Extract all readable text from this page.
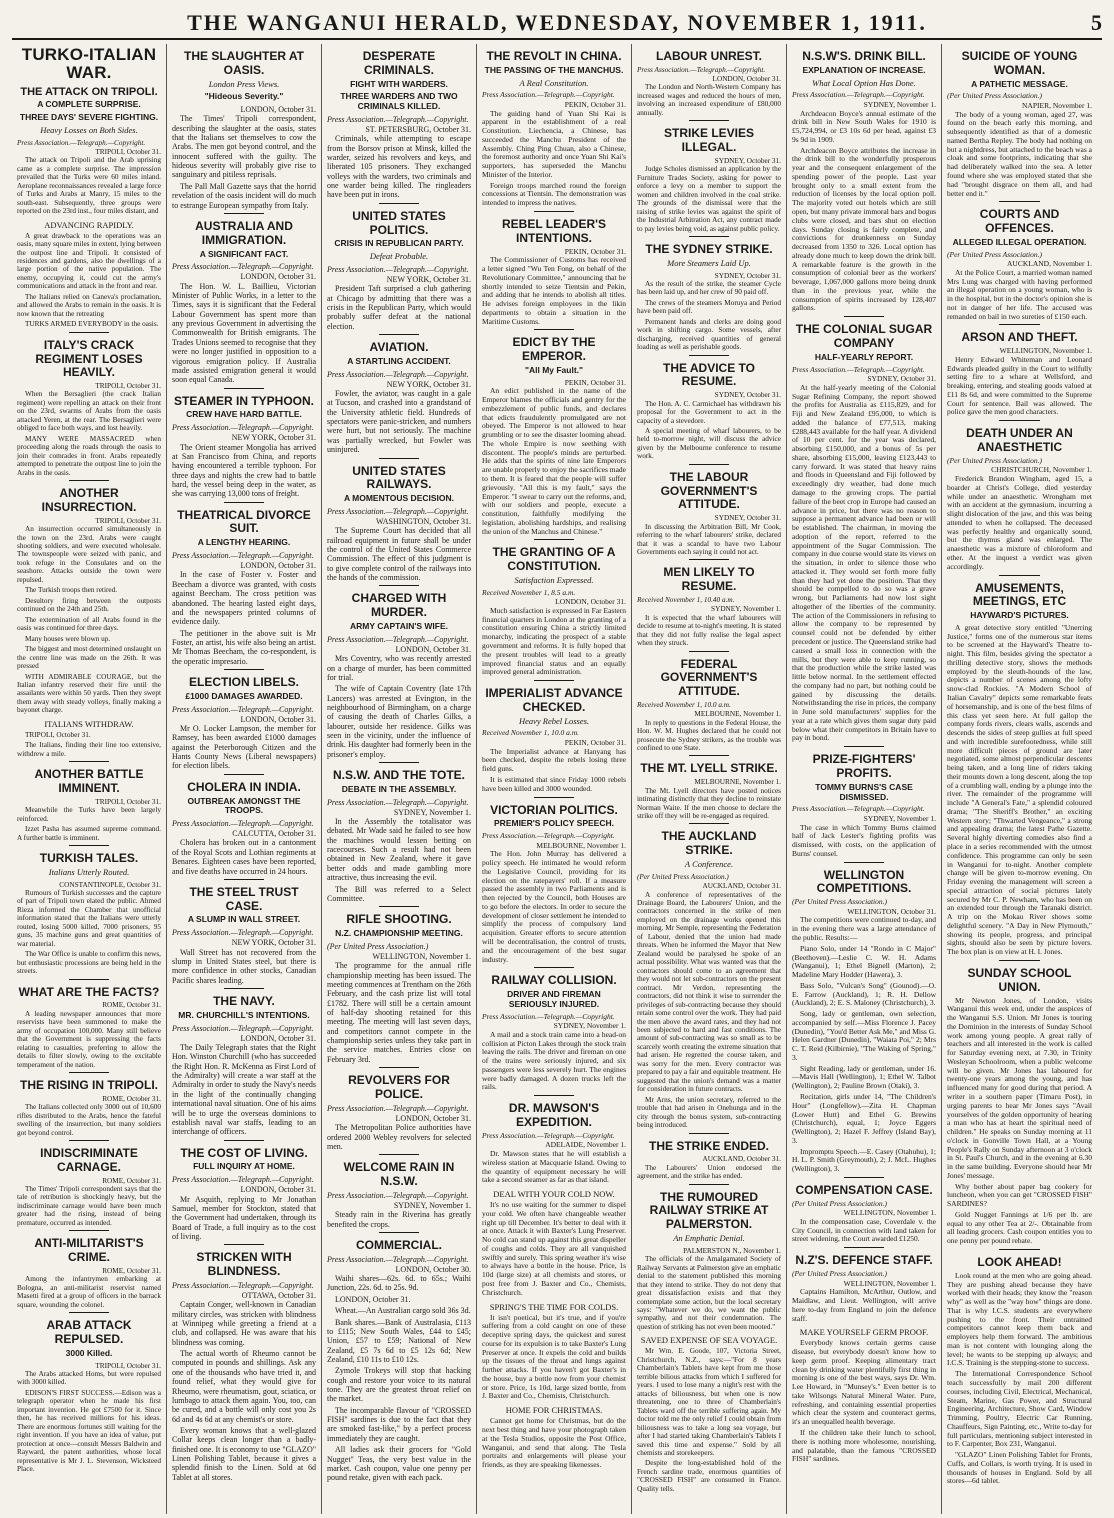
THE WANGANUI HERALD, WEDNESDAY, NOVEMBER 1, 1911.	5
TURKO-ITALIAN WAR.
THE ATTACK ON TRIPOLI.
A COMPLETE SURPRISE.
THREE DAYS' SEVERE FIGHTING.
Heavy Losses on Both Sides.
Press Association.—Telegraph.—Copyright.
TRIPOLI, October 31.

The attack on Tripoli and the Arab uprising came as a complete surprise. The impression prevailed that the Turks were 60 miles inland. Aeroplane reconnaissances revealed a large force of Turks and Arabs at Manry, 15 miles to the south-east. Subsequently, three groups were reported on the 23rd inst., four miles distant, and

ADVANCING RAPIDLY.

A great drawback to the operations was an oasis, many square miles in extent, lying between the outpost line and Tripoli. It consisted of residences and gardens, also the dwellings of a large portion of the native population. The enemy, occupying it, could cut the army's communications and attack in the front and rear.

The Italians relied on Caneva's proclamation, and allowed the Arabs to remain in the oasis. It is now known that the retreating

TURKS ARMED EVERYBODY in the oasis.

ITALY'S CRACK REGIMENT LOSES HEAVILY.
TRIPOLI, October 31.

When the Bersaglieri (the crack Italian regiment) were repelling an attack on their front on the 23rd, swarms of Arabs from the oasis attacked Yeren, at the rear. The Bersaglieri were obliged to face both ways, and lost heavily.

MANY WERE MASSACRED when proceeding along the roads through the oasis to join their comrades in front. Arabs repeatedly attempted to penetrate the outpost line to join the Arabs in the oasis.

ANOTHER INSURRECTION.
TRIPOLI, October 31.

An insurrection occurred simultaneously in the town on the 23rd. Arabs were caught shooting soldiers, and were executed wholesale. The townspeople were seized with panic, and took refuge in the Consulates and on the seashore. Attacks outside the town were repulsed.

The Turkish troops then retired.

Desultory firing between the outposts continued on the 24th and 25th.

The extermination of all Arabs found in the oasis was continued for three days.

Many houses were blown up.

The biggest and most determined onslaught on the centre line was made on the 26th. It was pressed

WITH ADMIRABLE COURAGE, but the Italian infantry reserved their fire until the assailants were within 50 yards. Then they swept them away with steady volleys, finally making a bayonet charge.

ITALIANS WITHDRAW.

TRIPOLI, October 31.

The Italians, finding their line too extensive, withdrew a mile.

ANOTHER BATTLE IMMINENT.
TRIPOLI, October 31.

Meanwhile the Turks have been largely reinforced.

Izzet Pasha has assumed supreme command. A further battle is imminent.

TURKISH TALES.
Italians Utterly Routed.
CONSTANTINOPLE, October 31.

Rumours of Turkish successes and the capture of part of Tripoli town elated the public. Ahmed Rieza informed the Chamber that unofficial information stated that the Italians were utterly routed, losing 5000 killed, 7000 prisoners, 95 guns, 35 machine guns and great quantities of war material.

The War Office is unable to confirm this news, but enthusiastic processions are being held in the streets.

WHAT ARE THE FACTS?
ROME, October 31.

A leading newspaper announces that more reservists have been summoned to make the army of occupation 100,000. Many still believe that the Government is suppressing the facts relating to casualties, preferring to allow the details to filter slowly, owing to the excitable temperament of the nation.

THE RISING IN TRIPOLI.
ROME, October 31.

The Italians collected only 3000 out of 10,600 rifles distributed to the Arabs, hence the fateful swelling of the insurrection, but many soldiers got beyond control.

INDISCRIMINATE CARNAGE.
ROME, October 31.

The Times' Tripoli correspondent says that the tale of retribution is shockingly heavy, but the indiscriminate carnage would have been much greater had the rising, instead of being premature, occurred as intended.

ANTI-MILITARIST'S CRIME.
ROME, October 31.

Among the infantrymen embarking at Bologna, an anti-militarist reservist named Masetti fired at a group of officers in the barrack square, wounding the colonel.

ARAB ATTACK REPULSED.
3000 Killed.
TRIPOLI, October 31.

The Arabs attacked Homs, but were repulsed with 3000 killed.

EDISON'S FIRST SUCCESS.—Edison was a telegraph operator when he made his first important invention. He got £7500 for it. Since then, he has received millions for his ideas. There are enormous fortunes still waiting for the right invention. If you have an idea of value, put protection at once—consult Messrs Baldwin and Rayward, the patent authorities, whose local representative is Mr J. L. Stevenson, Wicksteed Place.

THE SLAUGHTER AT OASIS.
London Press Views.
"Hideous Severity."
LONDON, October 31.

The Times' Tripoli correspondent, describing the slaughter at the oasis, states that the Italians set themselves to cow the Arabs. The men got beyond control, and the innocent suffered with the guilty. The hideous severity will probably give rise to sanguinary and pitiless reprisals.

The Pall Mall Gazette says that the horrid revelation of the oasis incident will do much to estrange European sympathy from Italy.

AUSTRALIA AND IMMIGRATION.
A SIGNIFICANT FACT.
Press Association.—Telegraph.—Copyright.
LONDON, October 31.

The Hon. W. L. Baillieu, Victorian Minister of Public Works, in a letter to the Times, says it is significant that the Federal Labour Government has spent more than any previous Government in advertising the Commonwealth for British emigrants. The Trades Unions seemed to recognise that they were no longer justified in opposition to a vigorous emigration policy. If Australia made assisted emigration general it would soon equal Canada.

STEAMER IN TYPHOON.
CREW HAVE HARD BATTLE.
Press Association.—Telegraph.—Copyright.
NEW YORK, October 31.

The Orient steamer Mongolia has arrived at San Francisco from China, and reports having encountered a terrible typhoon. For three days and nights the crew had to battle hard, the vessel being deep in the water, as she was carrying 13,000 tons of freight.

THEATRICAL DIVORCE SUIT.
A LENGTHY HEARING.
Press Association.—Telegraph.—Copyright.
LONDON, October 31.

In the case of Foster v. Foster and Beecham a divorce was granted, with costs against Beecham. The cross petition was abandoned. The hearing lasted eight days, and the newspapers printed columns of evidence daily.

The petitioner in the above suit is Mr Foster, an artist, his wife also being an artist. Mr Thomas Beecham, the co-respondent, is the operatic impresario.

ELECTION LIBELS.
£1000 DAMAGES AWARDED.
Press Association.—Telegraph.—Copyright.
LONDON, October 31.

Mr O. Locker Lampson, the member for Ramsey, has been awarded £1000 damages against the Peterborough Citizen and the Hants County News (Liberal newspapers) for election libels.

CHOLERA IN INDIA.
OUTBREAK AMONGST THE TROOPS.
Press Association.—Telegraph.—Copyright.
CALCUTTA, October 31.

Cholera has broken out in a cantonment of the Royal Scots and Lothian regiments at Benares. Eighteen cases have been reported, and five deaths have occurred in 24 hours.

THE STEEL TRUST CASE.
A SLUMP IN WALL STREET.
Press Association.—Telegraph.—Copyright.
NEW YORK, October 31.

Wall Street has not recovered from the slump in United States steel, but there is more confidence in other stocks, Canadian Pacific shares leading.

THE NAVY.
MR. CHURCHILL'S INTENTIONS.
Press Association.—Telegraph.—Copyright.
LONDON, October 31.

The Daily Telegraph states that the Right Hon. Winston Churchill (who has succeeded the Right Hon. R. McKenna as First Lord of the Admiralty) will create a war staff at the Admiralty in order to study the Navy's needs in the light of the continually changing international naval situation. One of his aims will be to urge the overseas dominions to establish naval war staffs, leading to an interchange of officers.

THE COST OF LIVING.
FULL INQUIRY AT HOME.
Press Association.—Telegraph.—Copyright.
LONDON, October 31.

Mr Asquith, replying to Mr Jonathan Samuel, member for Stockton, stated that the Government had undertaken, through its Board of Trade, a full inquiry as to the cost of living.

STRICKEN WITH BLINDNESS.
Press Association.—Telegraph.—Copyright.
OTTAWA, October 31.

Captain Conger, well-known in Canadian military circles, was stricken with blindness at Winnipeg while greeting a friend at a club, and collapsed. He was aware that his blindness was coming.

The actual worth of Rheumo cannot be computed in pounds and shillings. Ask any one of the thousands who have tried it, and found relief, what they would give for Rheumo, were rheumatism, gout, sciatica, or lumbago to attack them again. You, too, can be cured, and a bottle will only cost you 2s 6d and 4s 6d at any chemist's or store.

Every woman knows that a well-glazed Collar keeps clean longer than a badly-finished one. It is economy to use "GLAZO" Linen Polishing Tablet, because it gives a splendid finish to the Linen. Sold at 6d Tablet at all stores.

DESPERATE CRIMINALS.
FIGHT WITH WARDERS.
THREE WARDERS AND TWO CRIMINALS KILLED.
Press Association.—Telegraph.—Copyright.
ST. PETERSBURG, October 31.

Criminals, while attempting to escape from the Borsov prison at Minsk, killed the warder, seized his revolvers and keys, and liberated 105 prisoners. They exchanged volleys with the warders, two criminals and one warder being killed. The ringleaders have been put in irons.

UNITED STATES POLITICS.
CRISIS IN REPUBLICAN PARTY.
Defeat Probable.
Press Association.—Telegraph.—Copyright.
NEW YORK, October 31.

President Taft surprised a club gathering at Chicago by admitting that there was a crisis in the Republican Party, which would probably suffer defeat at the national election.

AVIATION.
A STARTLING ACCIDENT.
Press Association.—Telegraph.—Copyright.
NEW YORK, October 31.

Fowler, the aviator, was caught in a gale at Tucson, and crashed into a grandstand of the University athletic field. Hundreds of spectators were panic-stricken, and numbers were hurt, but not seriously. The machine was partially wrecked, but Fowler was uninjured.

UNITED STATES RAILWAYS.
A MOMENTOUS DECISION.
Press Association.—Telegraph.—Copyright.
WASHINGTON, October 31.

The Supreme Court has decided that all railroad equipment in future shall be under the control of the United States Commerce Commission. The effect of this judgment is to give complete control of the railways into the hands of the commission.

CHARGED WITH MURDER.
ARMY CAPTAIN'S WIFE.
Press Association.—Telegraph.—Copyright.
LONDON, October 31.

Mrs Coventry, who was recently arrested on a charge of murder, has been committed for trial.

The wife of Captain Coventry (late 17th Lancers) was arrested at Evington, in the neighbourhood of Birmingham, on a charge of causing the death of Charles Gilks, a labourer, outside her residence. Gilks was seen in the vicinity, under the influence of drink. His daughter had formerly been in the prisoner's employ.

N.S.W. AND THE TOTE.
DEBATE IN THE ASSEMBLY.
Press Association.—Telegraph.—Copyright.
SYDNEY, November 1.

In the Assembly the totalisator was debated. Mr Wade said he failed to see how the machines would lessen betting on racecourses. Such a result had not been obtained in New Zealand, where it gave better odds and made gambling more attractive, thus increasing the evil.

The Bill was referred to a Select Committee.

RIFLE SHOOTING.
N.Z. CHAMPIONSHIP MEETING.
(Per United Press Association.)
WELLINGTON, November 1.

The programme for the annual rifle championship meeting has been issued. The meeting commences at Trentham on the 26th February, and the cash prize list will total £1782. There will still be a certain amount of half-day shooting retained for this meeting. The meeting will last seven days, and competitors cannot compete in the championship series unless they take part in the service matches. Entries close on February 3rd.

REVOLVERS FOR POLICE.
Press Association.—Telegraph.—Copyright.
LONDON, October 31.

The Metropolitan Police authorities have ordered 2000 Webley revolvers for selected men.

WELCOME RAIN IN N.S.W.
Press Association.—Telegraph.—Copyright.
SYDNEY, November 1.

Steady rain in the Riverina has greatly benefited the crops.

COMMERCIAL.
Press Association.—Telegraph.—Copyright.
LONDON, October 30.

Waihi shares—62s. 6d. to 65s.; Waihi Junction, 22s. 6d. to 25s. 9d.

LONDON, October 31.

Wheat.—An Australian cargo sold 36s 3d.

Bank shares.—Bank of Australasia, £113 to £115; New South Wales, £44 to £45; Union, £57 to £59; National of New Zealand, £5 7s 6d to £5 12s 6d; New Zealand, £10 11s to £10 12s.

Zymole Trokeys will stop that hacking cough and restore your voice to its natural tone. They are the greatest throat relief on the market.

The incomparable flavour of "CROSSED FISH" sardines is due to the fact that they are smoked fast-like," by a perfect process immediately they are caught.

All ladies ask their grocers for "Gold Nugget" Teas, the very best value in the market. Cash coupon, value one penny per pound retake, given with each pack.

THE REVOLT IN CHINA.
THE PASSING OF THE MANCHUS.
A Real Constitution.
Press Association.—Telegraph.—Copyright.
PEKIN, October 31.

The guiding hand of Yuan Shi Kai is apparent in the establishment of a real Constitution. Liechencia, a Chinese, has succeeded the Manchu President of the Assembly. Ching Ping Chuan, also a Chinese, the foremost authority and once Yuan Shi Kai's supporters, has superseded the Manchu Minister of the Interior.

Foreign troops marched round the foreign concessions at Tientsin. The demonstration was intended to impress the natives.

REBEL LEADER'S INTENTIONS.
PEKIN, October 31.

The Commissioner of Customs has received a letter signed "Wu Ten Fong, on behalf of the Revolutionary Committee," announcing that he shortly intended to seize Tientsin and Pekin, and adding that he intends to abolish all titles. He advises foreign employees in the likin departments to obtain a situation in the Maritime Customs.

EDICT BY THE EMPEROR.
"All My Fault."
PEKIN, October 31.

An edict published in the name of the Emperor blames the officials and gentry for the embezzlement of public funds, and declares that edicts fraudulently promulgated are not obeyed. The Emperor is not allowed to hear grumbling or to see the disaster looming ahead. The whole Empire is now seething with discontent. The people's minds are perturbed. He adds that the spirits of nine late Emperors are unable properly to enjoy the sacrifices made to them. It is feared that the people will suffer grievously. "All this is my fault," says the Emperor. "I swear to carry out the reforms, and, with our soldiers and people, execute a constitution, faithfully modifying the legislation, abolishing hardships, and realising the union of the Manchus and Chinese."

THE GRANTING OF A CONSTITUTION.
Satisfaction Expressed.
Received November 1, 8.5 a.m.
LONDON, October 31.

Much satisfaction is expressed in Far Eastern financial quarters in London at the granting of a constitution ensuring China a strictly limited monarchy, indicating the prospect of a stable government and reforms. It is fully hoped that the present troubles will lead to a greatly improved financial status and an equally improved general administration.

IMPERIALIST ADVANCE CHECKED.
Heavy Rebel Losses.
Received November 1, 10.0 a.m.
PEKIN, October 31.

The Imperialist advance at Hanyang has been checked, despite the rebels losing three field guns.

It is estimated that since Friday 1000 rebels have been killed and 3000 wounded.

VICTORIAN POLITICS.
PREMIER'S POLICY SPEECH.
Press Association.—Telegraph.—Copyright.
MELBOURNE, November 1.

The Hon. John Murray has delivered a policy speech. He intimated he would reform the Legislative Council, providing for its election on the ratepayers' roll. If a measure passed the assembly in two Parliaments and is then rejected by the Council, both Houses are to go before the electors. In order to secure the development of closer settlement he intended to simplify the process of compulsory land acquisition. Greater efforts to secure attention will be decentralisation, the control of trusts, and the encouragement of the best sugar industry.

RAILWAY COLLISION.
DRIVER AND FIREMAN SERIOUSLY INJURED.
Press Association.—Telegraph.—Copyright.
SYDNEY, November 1.

A mail and a stock train came into a head-on collision at Picton Lakes through the stock train leaving the rails. The driver and fireman on one of the trains were seriously injured, and six passengers were less severely hurt. The engines were badly damaged. A dozen trucks left the rails.

DR. MAWSON'S EXPEDITION.
Press Association.—Telegraph.—Copyright.
ADELAIDE, November 1.

Dr. Mawson states that he will establish a wireless station at Macquarie Island. Owing to the quantity of equipment necessary he will take a second steamer as far as that island.

DEAL WITH YOUR COLD NOW.

It's no use waiting for the summer to dispel your cold. We often have changeable weather right up till December. It's better to deal with it at once. Attack it with Baxter's Lung Preserver. No cold can stand up against this great dispeller of coughs and colds. They are all vanquished swiftly and surely. This spring weather it's wise to always have a bottle in the house. Price, 1s 10d (large size) at all chemists and stores, or post free from J. Baxter and Co., Chemists, Christchurch.

SPRING'S THE TIME FOR COLDS.

It isn't poetical, but it's true, and if you're suffering from a cold caught on one of these deceptive spring days, the quickest and surest course for its expulsion is to take Baxter's Lung Preserver at once. It expels the cold and builds up the tissues of the throat and lungs against further attacks. If you haven't got Baxter's in the house, buy a bottle now from your chemist or store. Price, 1s 10d, large sized bottle, from J. Baxter and Co., Chemists, Christchurch.

HOME FOR CHRISTMAS.

Cannot get home for Christmas, but do the next best thing and have your photograph taken at the Tesla Studios, opposite the Post Office, Wanganui, and send that along. The Tesla portraits and enlargements will please your friends, as they are speaking likenesses.

LABOUR UNREST.
Press Association.—Telegraph.—Copyright.
LONDON, October 31.

The London and North-Western Company has increased wages and reduced the hours of men, involving an increased expenditure of £80,000 annually.

STRIKE LEVIES ILLEGAL.
SYDNEY, October 31.

Judge Scholes dismissed an application by the Furniture Trades Society, asking for power to enforce a levy on a member to support the women and children involved in the coal strike. The grounds of the dismissal were that the raising of strike levies was against the spirit of the Industrial Arbitration Act, any contract made to pay levies being void, as against public policy.

THE SYDNEY STRIKE.
More Steamers Laid Up.
SYDNEY, October 31.

As the result of the strike, the steamer Cycle has been laid up, and her crew of 90 paid off.

The crews of the steamers Moruya and Period have been paid off.

Permanent hands and clerks are doing good work in shifting cargo. Some vessels, after discharging, received quantities of general loading as well as perishable goods.

THE ADVICE TO RESUME.
SYDNEY, October 31.

The Hon. A. C. Carmichael has withdrawn his proposal for the Government to act in the capacity of a stevedore.

A special meeting of wharf labourers, to be held to-morrow night, will discuss the advice given by the Melbourne conference to resume work.

THE LABOUR GOVERNMENT'S ATTITUDE.
SYDNEY, October 31.

In discussing the Arbitration Bill, Mr Cook, referring to the wharf labourers' strike, declared that it was a scandal to have two Labour Governments each saying it could not act.

MEN LIKELY TO RESUME.
Received November 1, 10.40 a.m.
SYDNEY, November 1.

It is expected that the wharf labourers will decide to resume at to-night's meeting. It is stated that they did not fully realise the legal aspect when they struck.

FEDERAL GOVERNMENT'S ATTITUDE.
Received November 1, 10.0 a.m.
MELBOURNE, November 1.

In reply to questions in the Federal House, the Hon. W. M. Hughes declared that he could not prosecute the Sydney strikers, as the trouble was confined to one State.

THE MT. LYELL STRIKE.
MELBOURNE, November 1.

The Mt. Lyell directors have posted notices intimating distinctly that they decline to reinstate Norman Waite. If the men choose to declare the strike off they will be re-engaged as required.

THE AUCKLAND STRIKE.
A Conference.
(Per United Press Association.)
AUCKLAND, October 31.

A conference of representatives of the Drainage Board, the Labourers' Union, and the contractors concerned in the strike of men employed on the drainage works opened this morning. Mr Semple, representing the Federation of Labour, denied that the union had made threats. When he informed the Mayor that New Zealand would be paralysed he spoke of an actual possibility. What was wanted was that the contractors should come to an agreement that they would not let sub-contractors on the present contract. Mr Verdon, representing the contractors, did not think it wise to surrender the privileges of sub-contracting because they should retain some control over the work. They had paid the men above the award rates, and they had not been subjected to hard and fast conditions. The amount of sub-contracting was so small as to be scarcely worth creating the extreme situation that had arisen. He regretted the course taken, and was sorry for the men. Every contractor was prepared to pay a fair and equitable treatment. He suggested that the union's demand was a matter for consideration in future contracts.

Mr Arns, the union secretary, referred to the trouble that had arisen in Onehunga and in the city through the bonus system, sub-contracting being introduced.

THE STRIKE ENDED.
AUCKLAND, October 31.

The Labourers' Union endorsed the agreement, and the strike has ended.

THE RUMOURED RAILWAY STRIKE AT PALMERSTON.
An Emphatic Denial.
PALMERSTON N., November 1.

The officials of the Amalgamated Society of Railway Servants at Palmerston give an emphatic denial to the statement published this morning that they intend to strike. They do not deny that great dissatisfaction exists and that they contemplate some action, but the local secretary says: "Whatever we do, we want the public sympathy, and not their condemnation. The question of striking has not even been mooted."

SAVED EXPENSE OF SEA VOYAGE.

Mr Wm. E. Goode, 107, Victoria Street, Christchurch, N.Z., says:—"For 8 years Chamberlain's Tablets have kept from me those terrible bilious attacks from which I suffered for years. I used to lose many a night's rest with the attacks of biliousness, but when one is now threatening, one to three of Chamberlain's Tablets ward off the terrible suffering again. My doctor told me the only relief I could obtain from biliousness was to take a long sea voyage, but after I had started taking Chamberlain's Tablets I saved this time and expense." Sold by all chemists and storekeepers.

Despite the long-established hold of the French sardine trade, enormous quantities of "CROSSED FISH" are consumed in France. Quality tells.

N.S.W'S. DRINK BILL.
EXPLANATION OF INCREASE.
What Local Option Has Done.
Press Association.—Telegraph.—Copyright.
SYDNEY, November 1.

Archdeacon Boyce's annual estimate of the drink bill in New South Wales for 1910 is £5,724,994, or £3 10s 6d per head, against £3 9s 9d in 1909.

Archdeacon Boyce attributes the increase in the drink bill to the wonderfully prosperous year and the consequent enlargement of the spending power of the people. Last year brought only to a small extent from the reduction of licenses by the local option poll. The majority voted out hotels which are still open, but many private immoral bars and bogus clubs were closed, and bars shut on election days. Sunday closing is fairly complete, and convictions for drunkenness on Sunday decreased from 1350 to 326. Local option has already done much to keep down the drink bill. A remarkable feature is the growth in the consumption of colonial beer as the workers' beverage, 1,067,000 gallons more being drunk than in the previous year, while the consumption of spirits increased by 128,407 gallons.

THE COLONIAL SUGAR COMPANY
HALF-YEARLY REPORT.
Press Association.—Telegraph.—Copyright.
SYDNEY, October 31.

At the half-yearly meeting of the Colonial Sugar Refining Company, the report showed the profits for Australia as £115,829, and for Fiji and New Zealand £95,000, to which is added the balance of £77,513, making £288,443 available for the half year. A dividend of 10 per cent. for the year was declared, absorbing £150,000, and a bonus of 5s per share, absorbing £15,000, leaving £123,443 to carry forward. It was stated that heavy rains and floods in Queensland and Fiji followed by exceedingly dry weather, had done much damage to the growing crops. The partial failure of the beet crop in Europe had caused an advance in price, but there was no reason to suppose a permanent advance had been or will be established. The chairman, in moving the adoption of the report, referred to the appointment of the Sugar Commission. The company in due course would state its views on the situation, in order to silence those who attacked it. They would set forth more fully than they had yet done the position. That they should be compelled to do so was a grave wrong, but Parliaments had now lost sight altogether of the liberties of the community. The action of the Commissioners in refusing to allow the company to be represented by counsel could not be defended by either precedent or justice. The Queensland strike had caused a small loss in connection with the mills, but they were able to keep running, so that the production while the strike lasted was little below normal. In the settlement effected the company had no part, but nothing could be gained by discussing the details. Notwithstanding the rise in prices, the company in June sold manufacturers' supplies for the year at a rate which gives them sugar duty paid below what their competitors in Britain have to pay in bond.

PRIZE-FIGHTERS' PROFITS.
TOMMY BURNS'S CASE DISMISSED.
Press Association.—Telegraph.—Copyright.
SYDNEY, November 1.

The case in which Tommy Burns claimed half of Jack Lester's fighting profits was dismissed, with costs, on the application of Burns' counsel.

WELLINGTON COMPETITIONS.
(Per United Press Association.)
WELLINGTON, October 31.

The competitions were continued to-day, and in the evening there was a large attendance of the public. Results:—

Piano Solo, under 14 "Rondo in C Major" (Beethoven).—Leslie C. W. H. Adams (Wanganui), 1; Ethel Bignell (Marton), 2; Madeline Mary Hodder (Hawera), 3.

Bass Solo, "Vulcan's Song" (Gounod).—O. E. Farrow (Auckland), 1; R. H. Dellow (Auckland), 2; E. S. Maloney (Christchurch), 3.

Song, lady or gentleman, own selection, accompanied by self.—Miss Florence J. Pacey (Dunedin), "You'd Better Ask Me," and Miss G. Helen Gardner (Dunedin), "Waiata Poi," 2; Mrs C. T. Reid (Kilbirnie), "The Waking of Spring," 3.

Sight Reading, lady or gentleman, under 16.—Mavis Hall (Wellington), 1; Ethel W. Talbot (Wellington), 2; Pauline Brown (Otaki), 3.

Recitation, girls under 14, "The Children's Hour" (Longfellow).—Zita H. Chapman (Lower Hutt) and Ethel G. Brewins (Christchurch), equal, 1; Joyce Eggers (Wellington), 2; Hazel F. Jeffrey (Island Bay), 3.

Impromptu Speech.—E. Casey (Otahuhu), 1; H. L. P. Smith (Greymouth), 2; J. McL. Hughes (Wellington), 3.

COMPENSATION CASE.
(Per United Press Association.)
WELLINGTON, November 1.

In the compensation case, Coverdale v. the City Council, in connection with land taken for street widening, the Court awarded £1250.

N.Z'S. DEFENCE STAFF.
(Per United Press Association.)
WELLINGTON, November 1.

Captains Hamilton, McArthur, Outlow, and Maidlaw, and Lieut. Wellington, will arrive here to-day from England to join the defence staff.

MAKE YOURSELF GERM PROOF.

Everybody knows certain germs cause disease, but everybody doesn't know how to keep germ proof. Keeping alimentary tract clean by drinking water plentifully first thing in morning is one of the best ways, says Dr. Wm. Lee Howard, in "Munsey's." Even better is to take Wilsongs Natural Mineral Water. Pure, refreshing, and containing essential properties which clear the system and counteract germs, it's an unequalled health beverage.

If the children take their lunch to school, there is nothing more wholesome, nourishing, and palatable, than the famous "CROSSED FISH" sardines.

SUICIDE OF YOUNG WOMAN.
A PATHETIC MESSAGE.
(Per United Press Association.)
NAPIER, November 1.

The body of a young woman, aged 27, was found on the beach early this morning, and subsequently identified as that of a domestic named Bertha Repley. The body had nothing on but a nightdress, but attached to the beach was a cloak and some footprints, indicating that she had deliberately walked into the sea. A letter found where she was employed stated that she had "brought disgrace on them all, and had better end it."

COURTS AND OFFENCES.
ALLEGED ILLEGAL OPERATION.
(Per United Press Association.)
AUCKLAND, November 1.

At the Police Court, a married woman named Mrs Lung was charged with having performed an illegal operation on a young woman, who is in the hospital, but in the doctor's opinion she is not in danger of her life. The accused was remanded on bail in two sureties of £150 each.

ARSON AND THEFT.
WELLINGTON, November 1.

Henry Edward Whiteman and Leonard Edwards pleaded guilty in the Court to wilfully setting fire to a whare at Wellsford, and breaking, entering, and stealing goods valued at £11 8s 6d, and were committed to the Supreme Court for sentence. Bail was allowed. The police gave the men good characters.

DEATH UNDER AN ANAESTHETIC
(Per United Press Association.)
CHRISTCHURCH, November 1.

Frederick Brandon Wingham, aged 15, a boarder at Christ's College, died yesterday while under an anaesthetic. Wrongham met with an accident at the gymnasium, incurring a slight dislocation of the jaw, and this was being attended to when he collapsed. The deceased was perfectly healthy and organically sound, but the thymus gland was enlarged. The anaesthetic was a mixture of chloroform and ether. At the inquest a verdict was given accordingly.

AMUSEMENTS, MEETINGS, ETC
HAYWARD'S PICTURES.

A great detective story entitled "Unerring Justice," forms one of the numerous star items to be screened at the Hayward's Theatre to-night. This film, besides giving the spectator a thrilling detective story, shows the methods employed by the sleuth-hounds of the law, depicts a number of scenes among the lofty snow-clad Rockies. "A Modern School of Italian Cavalry" depicts some remarkable feats of horsemanship, and is one of the best films of this class yet seen here. At full gallop the company fords rivers, clears walls, ascends and descends the sides of steep gullies at full speed and with incredible surefootedness, while still more difficult pieces of ground are later negotiated, some almost perpendicular descents being taken, and a long line of riders taking their mounts down a long descent, along the top of a crumbling wall, ending by a plunge into the river. The remainder of the programme will include "A General's Fate," a splendid coloured drama; "The Sheriff's Brother," an exciting Western story; "Thwarted Vengeance," a strong and appealing drama; the latest Pathe Gazette. Several highly diverting comedies also find a place in a series recommended with the utmost confidence. This programme can only be seen in Wanganui for to-night. Another complete change will be given to-morrow evening. On Friday evening the management will screen a special attraction of social pictures lately secured by Mr C. P. Newham, who has been on an extended tour through the Taranaki district. A trip on the Mokau River shows some delightful scenery. "A Day in New Plymouth," showing its people, progress, and principal sights, should also be seen by picture lovers. The box plan is on view at H. I. Jones.

SUNDAY SCHOOL UNION.

Mr Newton Jones, of London, visits Wanganui this week end, under the auspices of the Wanganui S.S. Union. Mr Jones is touring the Dominion in the interests of Sunday School work among young people. A great rally of teachers and all interested in the work is called for Saturday evening next, at 7.30, in Trinity Wesleyan Schoolroom, when a public welcome will be given. Mr Jones has laboured for twenty-one years among the young, and has influenced many for good during that period. A writer in a southern paper (Timaru Post), in urging parents to hear Mr Jones says "Avail yourselves of the golden opportunity of hearing a man who has at heart the spiritual need of children." He speaks on Sunday morning at 11 o'clock in Gonville Town Hall, at a Young People's Rally on Sunday afternoon at 3 o'clock in St. Paul's Church, and in the evening at 6.30 in the same building. Everyone should hear Mr Jones' message.

Why bother about paper bag cookery for luncheon, when you can get "CROSSED FISH" SARDINES?

Gold Nugget Fannings at 1/6 per lb. are equal to any other Tea at 2/-. Obtainable from all leading grocers. Cash coupon entitles you to one penny per pound rebate.

LOOK AHEAD!

Look round at the men who are going ahead. They are pushing ahead because they have worked with their heads; they know the "reason why" as well as the "way how" things are done. That is why I.C.S. students are everywhere pushing to the front. Their untrained competitors cannot keep them back and employers help them forward. The ambitious man is not content with lounging along the level; he wants to be stepping up always; and I.C.S. Training is the stepping-stone to success.

The International Correspondence School teach successfully by mail 200 different courses, including Civil, Electrical, Mechanical, Steam, Marine, Gas Power, and Structural Engineering, Architecture, Show Card, Window Trimming, Poultry, Electric Car Running, Chauffeurs, Sign Painting, etc., Write to-day for full particulars, mentioning subject interested in to F. Carpenter, Box 231, Wanganui.

"GLAZO" Linen Polishing Tablet for Fronts, Cuffs, and Collars, is worth trying. It is used in thousands of houses in England. Sold by all stores—6d tablet.
